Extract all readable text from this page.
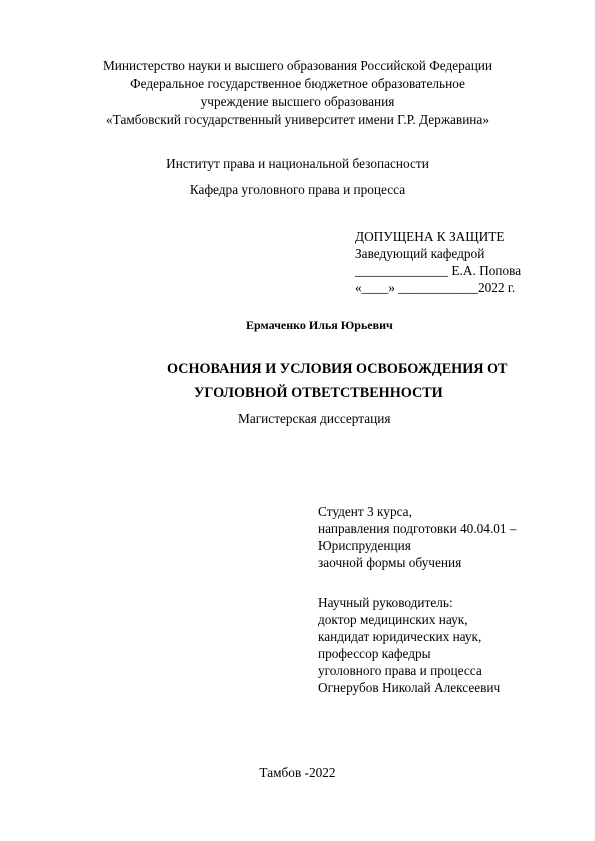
Министерство науки и высшего образования Российской Федерации
Федеральное государственное бюджетное образовательное
учреждение высшего образования
«Тамбовский государственный университет имени Г.Р. Державина»
Институт права и национальной безопасности
Кафедра уголовного права и процесса
ДОПУЩЕНА К ЗАЩИТЕ
Заведующий кафедрой
______________ Е.А. Попова
«____» ____________2022 г.
Ермаченко Илья Юрьевич
ОСНОВАНИЯ И УСЛОВИЯ ОСВОБОЖДЕНИЯ ОТ
УГОЛОВНОЙ ОТВЕТСТВЕННОСТИ
Магистерская диссертация
Студент 3 курса,
направления подготовки 40.04.01 –
Юриспруденция
заочной формы обучения
Научный руководитель:
доктор медицинских наук,
кандидат юридических наук,
профессор кафедры
уголовного права и процесса
Огнерубов Николай Алексеевич
Тамбов -2022
